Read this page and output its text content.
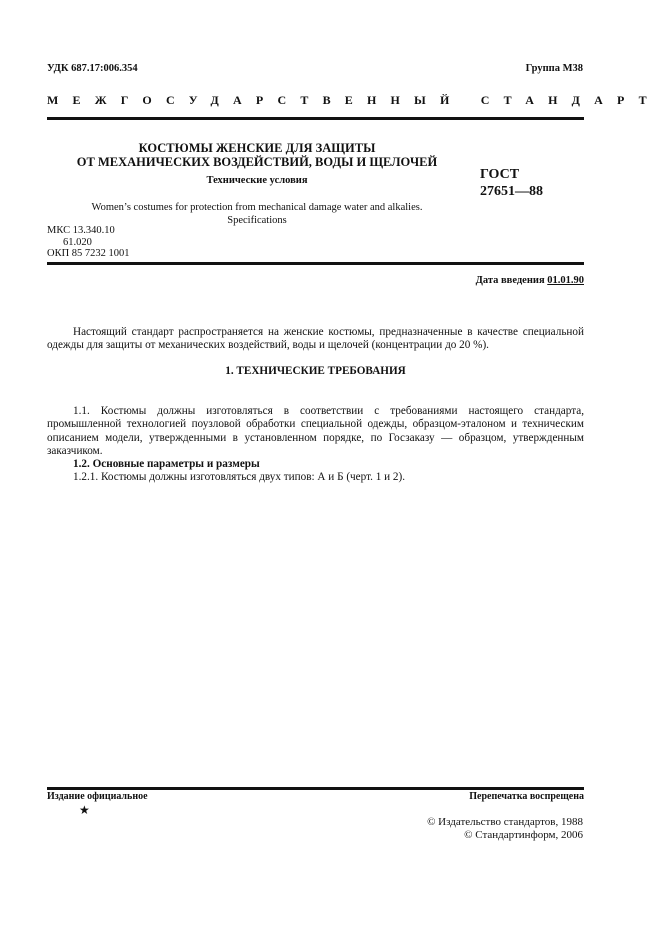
УДК 687.17:006.354	Группа М38
МЕЖГОСУДАРСТВЕННЫЙ СТАНДАРТ
КОСТЮМЫ ЖЕНСКИЕ ДЛЯ ЗАЩИТЫ
ОТ МЕХАНИЧЕСКИХ ВОЗДЕЙСТВИЙ, ВОДЫ И ЩЕЛОЧЕЙ
Технические условия	ГОСТ
27651—88
Women’s costumes for protection from mechanical damage water and alkalies.
Specifications
МКС 13.340.10
61.020
ОКП 85 7232 1001
Дата введения 01.01.90
Настоящий стандарт распространяется на женские костюмы, предназначенные в качестве специальной одежды для защиты от механических воздействий, воды и щелочей (концентрации до 20 %).
1. ТЕХНИЧЕСКИЕ ТРЕБОВАНИЯ
1.1. Костюмы должны изготовляться в соответствии с требованиями настоящего стандарта, промышленной технологией поузловой обработки специальной одежды, образцом-эталоном и техническим описанием модели, утвержденными в установленном порядке, по Госзаказу — образцом, утвержденным заказчиком.
1.2. Основные параметры и размеры
1.2.1. Костюмы должны изготовляться двух типов: А и Б (черт. 1 и 2).
Издание официальное	Перепечатка воспрещена
★
© Издательство стандартов, 1988
© Стандартинформ, 2006
